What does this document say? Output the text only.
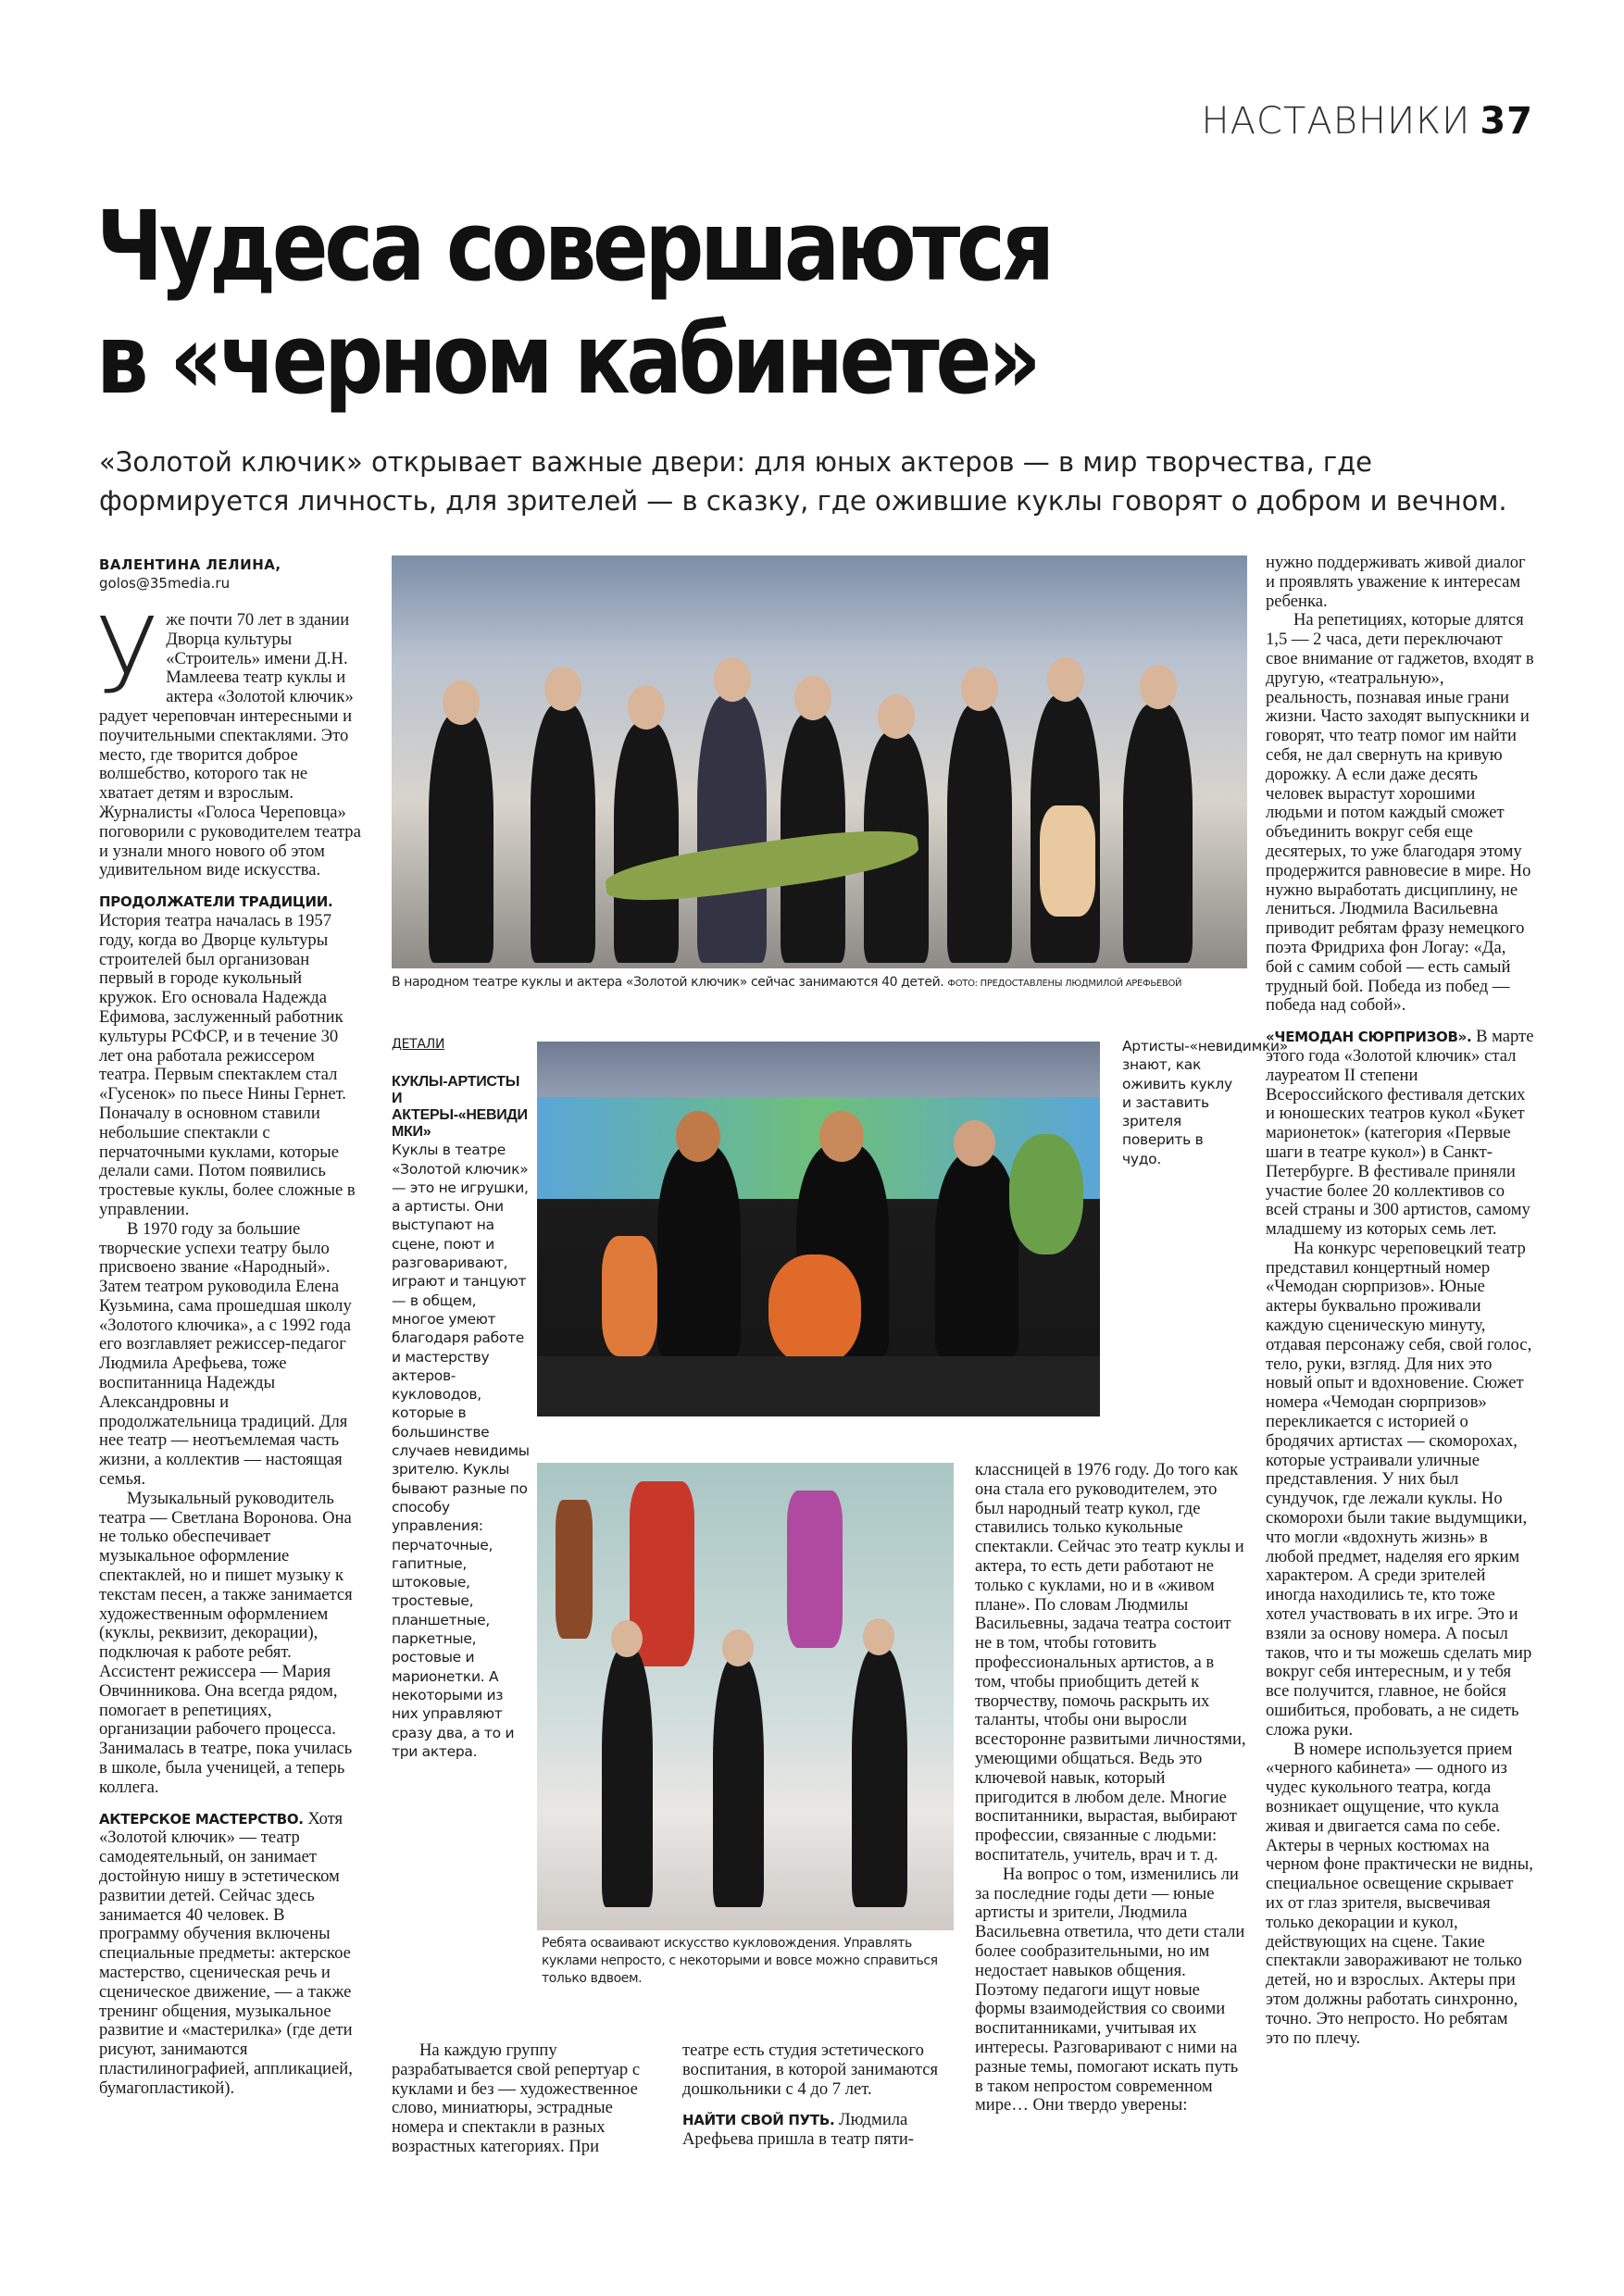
НАСТАВНИКИ 37
Чудеса совершаются
в «черном кабинете»
«Золотой ключик» открывает важные двери: для юных актеров — в мир творчества, где формируется личность, для зрителей — в сказку, где ожившие куклы говорят о добром и вечном.
ВАЛЕНТИНА ЛЕЛИНА,
golos@35media.ru

Уже почти 70 лет в здании Дворца культуры «Строитель» имени Д.Н. Мамлеева театр куклы и актера «Золотой ключик» радует череповчан интересными и поучительными спектаклями. Это место, где творится доброе волшебство, которого так не хватает детям и взрослым. Журналисты «Голоса Череповца» поговорили с руководителем театра и узнали много нового об этом удивительном виде искусства.

ПРОДОЛЖАТЕЛИ ТРАДИЦИИ.
История театра началась в 1957 году, когда во Дворце культуры строителей был организован первый в городе кукольный кружок. Его основала Надежда Ефимова, заслуженный работник культуры РСФСР, и в течение 30 лет она работала режиссером театра. Первым спектаклем стал «Гусенок» по пьесе Нины Гернет. Поначалу в основном ставили небольшие спектакли с перчаточными куклами, которые делали сами. Потом появились тростевые куклы, более сложные в управлении.

В 1970 году за большие творческие успехи театру было присвоено звание «Народный». Затем театром руководила Елена Кузьмина, сама прошедшая школу «Золотого ключика», а с 1992 года его возглавляет режиссер-педагог Людмила Арефьева, тоже воспитанница Надежды Александровны и продолжательница традиций. Для нее театр — неотъемлемая часть жизни, а коллектив — настоящая семья.

Музыкальный руководитель театра — Светлана Воронова. Она не только обеспечивает музыкальное оформление спектаклей, но и пишет музыку к текстам песен, а также занимается художественным оформлением (куклы, реквизит, декорации), подключая к работе ребят. Ассистент режиссера — Мария Овчинникова. Она всегда рядом, помогает в репетициях, организации рабочего процесса. Занималась в театре, пока училась в школе, была ученицей, а теперь коллега.

АКТЕРСКОЕ МАСТЕРСТВО. Хотя «Золотой ключик» — театр самодеятельный, он занимает достойную нишу в эстетическом развитии детей. Сейчас здесь занимается 40 человек. В программу обучения включены специальные предметы: актерское мастерство, сценическая речь и сценическое движение, — а также тренинг общения, музыкальное развитие и «мастерилка» (где дети рисуют, занимаются пластилинографией, аппликацией, бумагопластикой).

В народном театре куклы и актера «Золотой ключик» сейчас занимаются 40 детей. ФОТО: ПРЕДОСТАВЛЕНЫ ЛЮДМИЛОЙ АРЕФЬЕВОЙ
ДЕТАЛИ
КУКЛЫ-АРТИСТЫ И АКТЕРЫ-«НЕВИДИМКИ»
Куклы в театре «Золотой ключик» — это не игрушки, а артисты. Они выступают на сцене, поют и разговаривают, играют и танцуют — в общем, многое умеют благодаря работе и мастерству актеров-кукловодов, которые в большинстве случаев невидимы зрителю. Куклы бывают разные по способу управления: перчаточные, гапитные, штоковые, тростевые, планшетные, паркетные, ростовые и марионетки. А некоторыми из них управляют сразу два, а то и три актера.
Артисты-«невидимки» знают, как оживить куклу и заставить зрителя поверить в чудо.
Ребята осваивают искусство кукловождения. Управлять куклами непросто, с некоторыми и вовсе можно справиться только вдвоем.

На каждую группу разрабатывается свой репертуар с куклами и без — художественное слово, миниатюры, эстрадные номера и спектакли в разных возрастных категориях. При

театре есть студия эстетического воспитания, в которой занимаются дошкольники с 4 до 7 лет.

НАЙТИ СВОЙ ПУТЬ. Людмила Арефьева пришла в театр пяти-

классницей в 1976 году. До того как она стала его руководителем, это был народный театр кукол, где ставились только кукольные спектакли. Сейчас это театр куклы и актера, то есть дети работают не только с куклами, но и в «живом плане». По словам Людмилы Васильевны, задача театра состоит не в том, чтобы готовить профессиональных артистов, а в том, чтобы приобщить детей к творчеству, помочь раскрыть их таланты, чтобы они выросли всесторонне развитыми личностями, умеющими общаться. Ведь это ключевой навык, который пригодится в любом деле. Многие воспитанники, вырастая, выбирают профессии, связанные с людьми: воспитатель, учитель, врач и т. д.

На вопрос о том, изменились ли за последние годы дети — юные артисты и зрители, Людмила Васильевна ответила, что дети стали более сообразительными, но им недостает навыков общения. Поэтому педагоги ищут новые формы взаимодействия со своими воспитанниками, учитывая их интересы. Разговаривают с ними на разные темы, помогают искать путь в таком непростом современном мире… Они твердо уверены:

нужно поддерживать живой диалог и проявлять уважение к интересам ребенка.

На репетициях, которые длятся 1,5 — 2 часа, дети переключают свое внимание от гаджетов, входят в другую, «театральную», реальность, познавая иные грани жизни. Часто заходят выпускники и говорят, что театр помог им найти себя, не дал свернуть на кривую дорожку. А если даже десять человек вырастут хорошими людьми и потом каждый сможет объединить вокруг себя еще десятерых, то уже благодаря этому продержится равновесие в мире. Но нужно выработать дисциплину, не лениться. Людмила Васильевна приводит ребятам фразу немецкого поэта Фридриха фон Логау: «Да, бой с самим собой — есть самый трудный бой. Победа из побед — победа над собой».

«ЧЕМОДАН СЮРПРИЗОВ». В марте этого года «Золотой ключик» стал лауреатом II степени Всероссийского фестиваля детских и юношеских театров кукол «Букет марионеток» (категория «Первые шаги в театре кукол») в Санкт-Петербурге. В фестивале приняли участие более 20 коллективов со всей страны и 300 артистов, самому младшему из которых семь лет.

На конкурс череповецкий театр представил концертный номер «Чемодан сюрпризов». Юные актеры буквально проживали каждую сценическую минуту, отдавая персонажу себя, свой голос, тело, руки, взгляд. Для них это новый опыт и вдохновение. Сюжет номера «Чемодан сюрпризов» перекликается с историей о бродячих артистах — скоморохах, которые устраивали уличные представления. У них был сундучок, где лежали куклы. Но скоморохи были такие выдумщики, что могли «вдохнуть жизнь» в любой предмет, наделяя его ярким характером. А среди зрителей иногда находились те, кто тоже хотел участвовать в их игре. Это и взяли за основу номера. А посыл таков, что и ты можешь сделать мир вокруг себя интересным, и у тебя все получится, главное, не бойся ошибиться, пробовать, а не сидеть сложа руки.

В номере используется прием «черного кабинета» — одного из чудес кукольного театра, когда возникает ощущение, что кукла живая и двигается сама по себе. Актеры в черных костюмах на черном фоне практически не видны, специальное освещение скрывает их от глаз зрителя, высвечивая только декорации и кукол, действующих на сцене. Такие спектакли завораживают не только детей, но и взрослых. Актеры при этом должны работать синхронно, точно. Это непросто. Но ребятам это по плечу.
